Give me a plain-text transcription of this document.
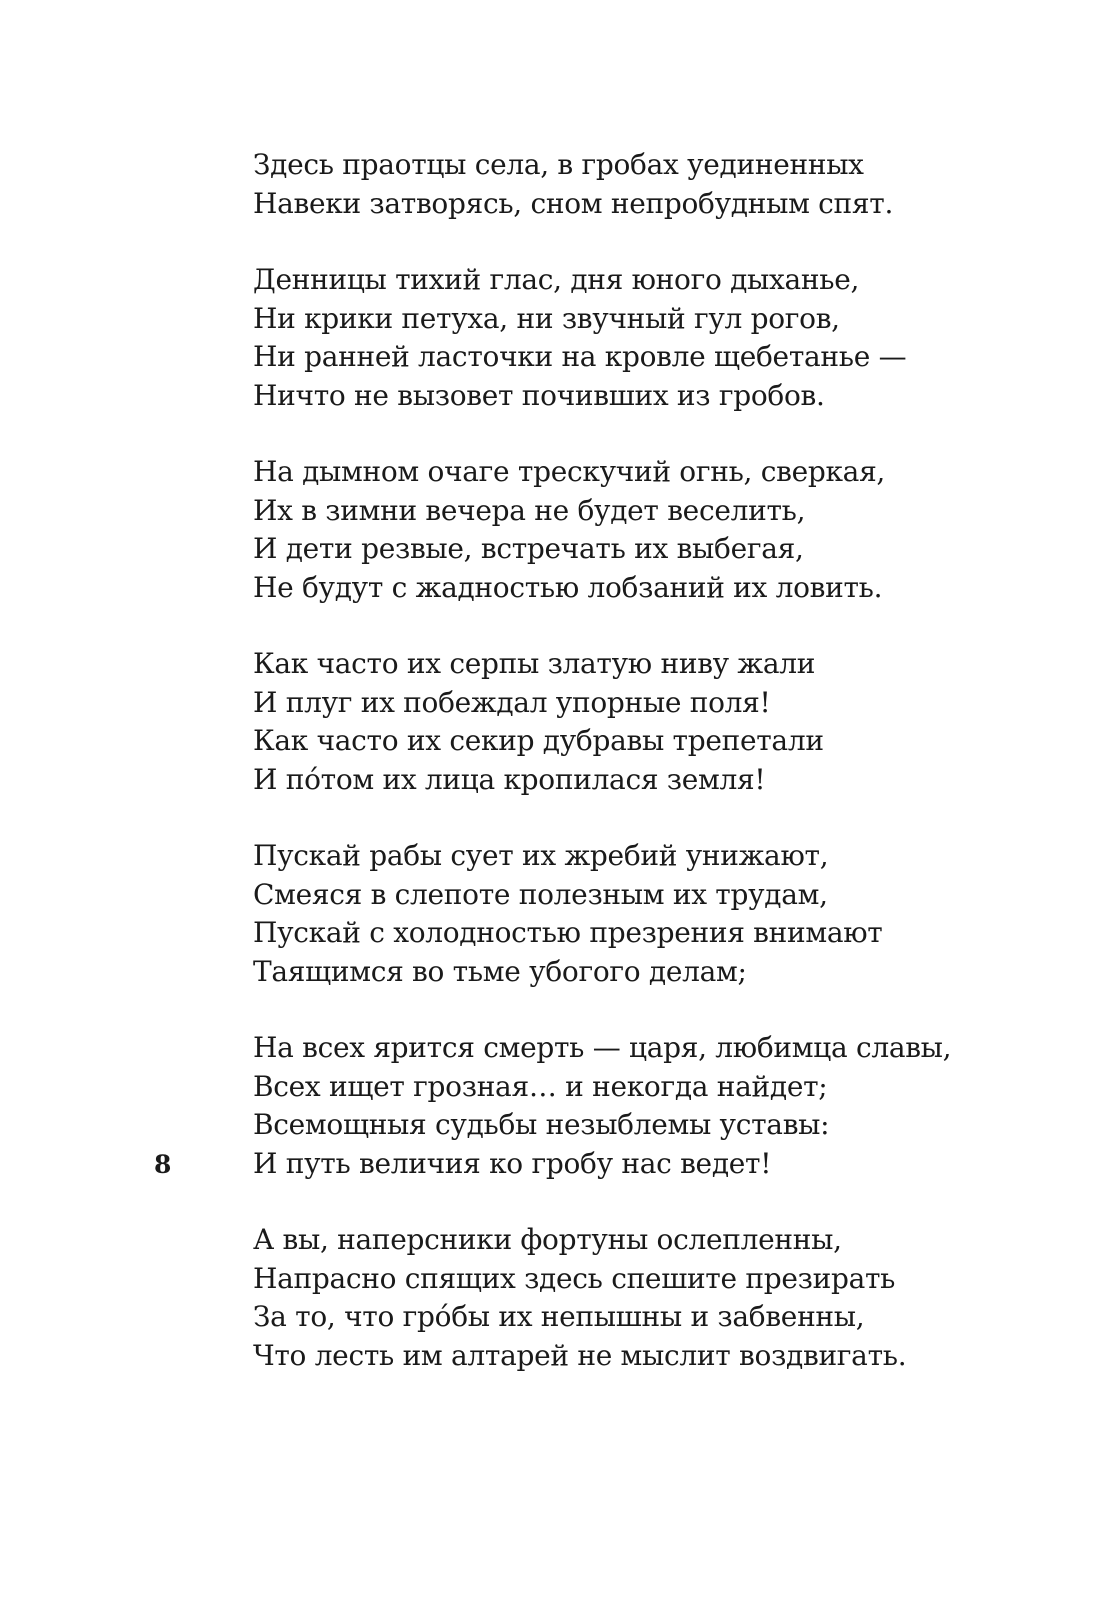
Здесь праотцы села, в гробах уединенных
Навеки затворясь, сном непробудным спят.
Денницы тихий глас, дня юного дыханье,
Ни крики петуха, ни звучный гул рогов,
Ни ранней ласточки на кровле щебетанье —
Ничто не вызовет почивших из гробов.
На дымном очаге трескучий огнь, сверкая,
Их в зимни вечера не будет веселить,
И дети резвые, встречать их выбегая,
Не будут с жадностью лобзаний их ловить.
Как часто их серпы златую ниву жали
И плуг их побеждал упорные поля!
Как часто их секир дубравы трепетали
И пóтом их лица кропилася земля!
Пускай рабы сует их жребий унижают,
Смеяся в слепоте полезным их трудам,
Пускай с холодностью презрения внимают
Таящимся во тьме убогого делам;
На всех ярится смерть — царя, любимца славы,
Всех ищет грозная… и некогда найдет;
Всемощныя судьбы незыблемы уставы:
И путь величия ко гробу нас ведет!
А вы, наперсники фортуны ослепленны,
Напрасно спящих здесь спешите презирать
За то, что грóбы их непышны и забвенны,
Что лесть им алтарей не мыслит воздвигать.
8
